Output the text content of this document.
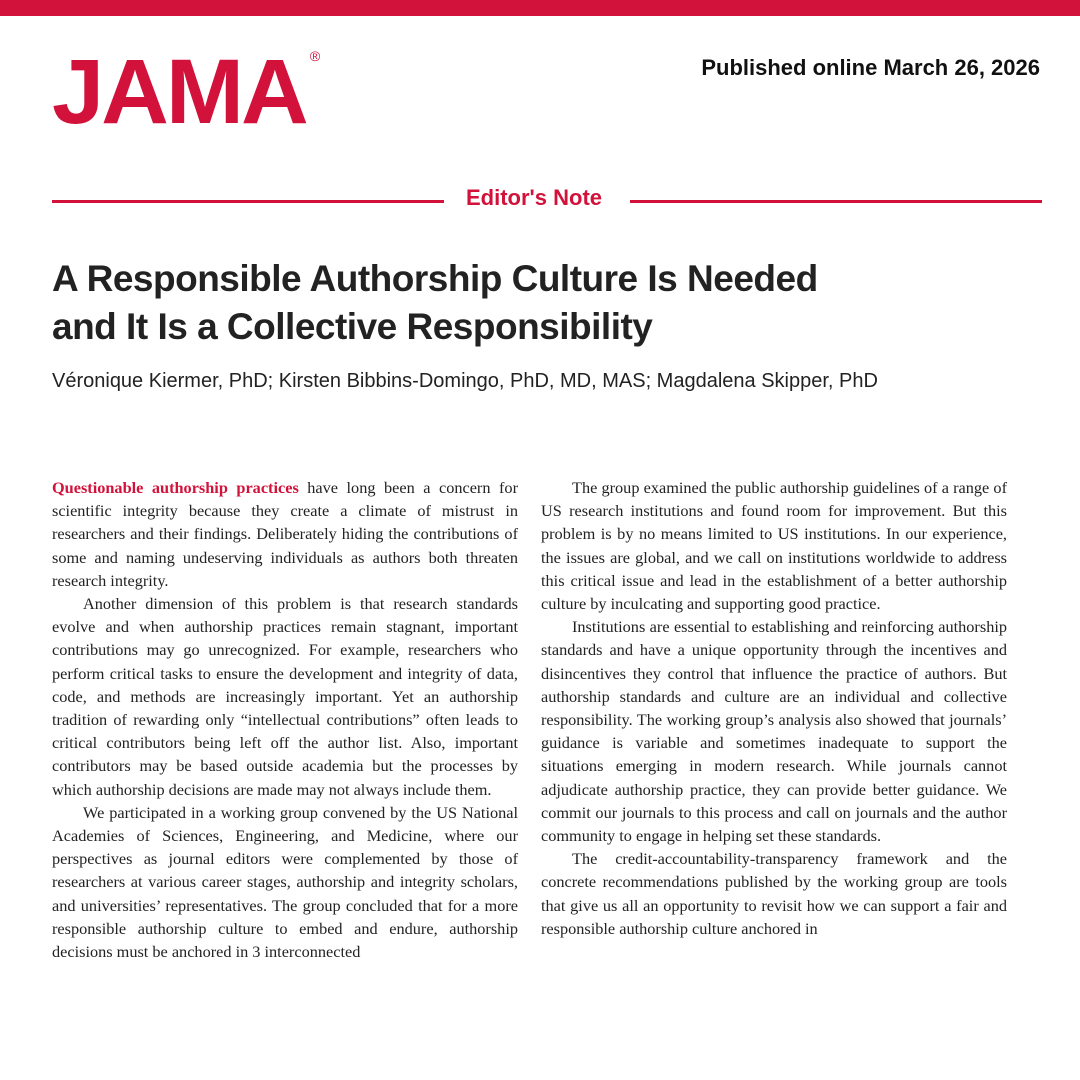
JAMA ®	Published online March 26, 2026
Editor's Note
A Responsible Authorship Culture Is Needed
and It Is a Collective Responsibility
Véronique Kiermer, PhD; Kirsten Bibbins-Domingo, PhD, MD, MAS; Magdalena Skipper, PhD

Questionable authorship practices have long been a concern for scientific integrity because they create a climate of mistrust in researchers and their findings. Deliberately hiding the contributions of some and naming undeserving individuals as authors both threaten research integrity.

Another dimension of this problem is that research standards evolve and when authorship practices remain stagnant, important contributions may go unrecognized. For example, researchers who perform critical tasks to ensure the development and integrity of data, code, and methods are increasingly important. Yet an authorship tradition of rewarding only “intellectual contributions” often leads to critical contributors being left off the author list. Also, important contributors may be based outside academia but the processes by which authorship decisions are made may not always include them.

We participated in a working group convened by the US National Academies of Sciences, Engineering, and Medicine, where our perspectives as journal editors were complemented by those of researchers at various career stages, authorship and integrity scholars, and universities’ representatives. The group concluded that for a more responsible authorship culture to embed and endure, authorship decisions must be anchored in 3 interconnected

The group examined the public authorship guidelines of a range of US research institutions and found room for improvement. But this problem is by no means limited to US institutions. In our experience, the issues are global, and we call on institutions worldwide to address this critical issue and lead in the establishment of a better authorship culture by inculcating and supporting good practice.

Institutions are essential to establishing and reinforcing authorship standards and have a unique opportunity through the incentives and disincentives they control that influence the practice of authors. But authorship standards and culture are an individual and collective responsibility. The working group’s analysis also showed that journals’ guidance is variable and sometimes inadequate to support the situations emerging in modern research. While journals cannot adjudicate authorship practice, they can provide better guidance. We commit our journals to this process and call on journals and the author community to engage in helping set these standards.

The credit-accountability-transparency framework and the concrete recommendations published by the working group are tools that give us all an opportunity to revisit how we can support a fair and responsible authorship culture anchored in
